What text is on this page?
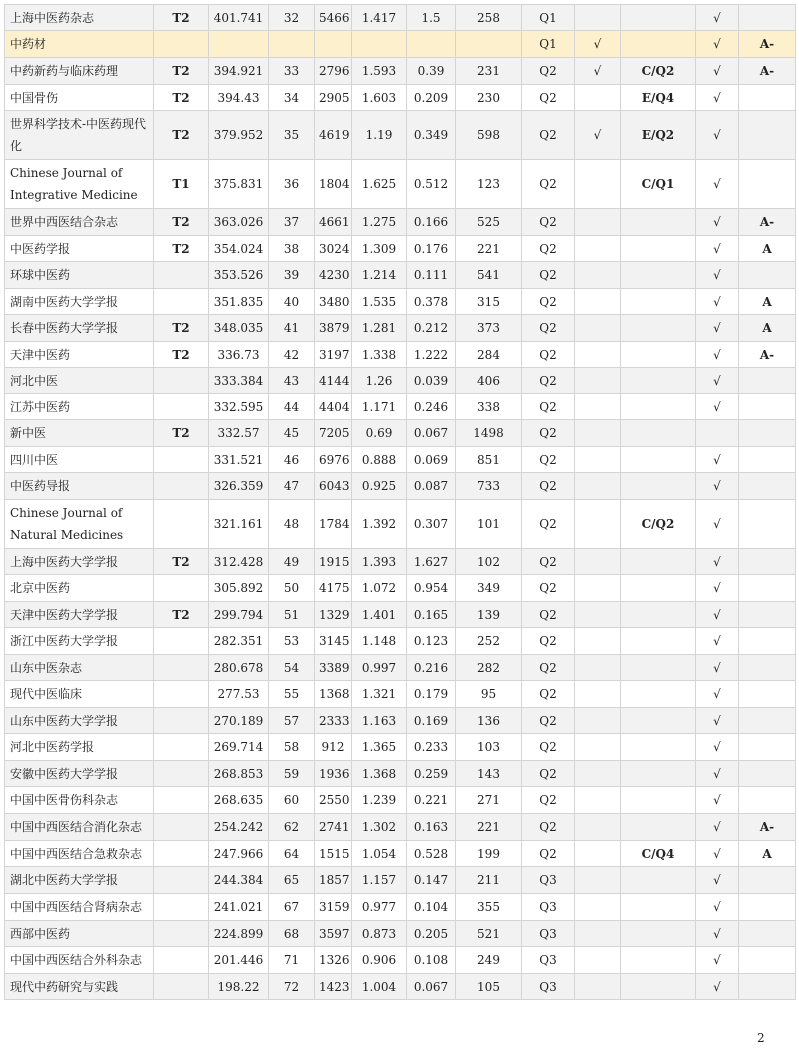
上海中医药杂志	T2	401.741	32	5466	1.417	1.5	258	Q1			√	
中药材								Q1	√		√	A-
中药新药与临床药理	T2	394.921	33	2796	1.593	0.39	231	Q2	√	C/Q2	√	A-
中国骨伤	T2	394.43	34	2905	1.603	0.209	230	Q2		E/Q4	√	
世界科学技术-中医药现代化	T2	379.952	35	4619	1.19	0.349	598	Q2	√	E/Q2	√	
Chinese Journal of Integrative Medicine	T1	375.831	36	1804	1.625	0.512	123	Q2		C/Q1	√	
世界中西医结合杂志	T2	363.026	37	4661	1.275	0.166	525	Q2			√	A-
中医药学报	T2	354.024	38	3024	1.309	0.176	221	Q2			√	A
环球中医药		353.526	39	4230	1.214	0.111	541	Q2			√	
湖南中医药大学学报		351.835	40	3480	1.535	0.378	315	Q2			√	A
长春中医药大学学报	T2	348.035	41	3879	1.281	0.212	373	Q2			√	A
天津中医药	T2	336.73	42	3197	1.338	1.222	284	Q2			√	A-
河北中医		333.384	43	4144	1.26	0.039	406	Q2			√	
江苏中医药		332.595	44	4404	1.171	0.246	338	Q2			√	
新中医	T2	332.57	45	7205	0.69	0.067	1498	Q2				
四川中医		331.521	46	6976	0.888	0.069	851	Q2			√	
中医药导报		326.359	47	6043	0.925	0.087	733	Q2			√	
Chinese Journal of Natural Medicines		321.161	48	1784	1.392	0.307	101	Q2		C/Q2	√	
上海中医药大学学报	T2	312.428	49	1915	1.393	1.627	102	Q2			√	
北京中医药		305.892	50	4175	1.072	0.954	349	Q2			√	
天津中医药大学学报	T2	299.794	51	1329	1.401	0.165	139	Q2			√	
浙江中医药大学学报		282.351	53	3145	1.148	0.123	252	Q2			√	
山东中医杂志		280.678	54	3389	0.997	0.216	282	Q2			√	
现代中医临床		277.53	55	1368	1.321	0.179	95	Q2			√	
山东中医药大学学报		270.189	57	2333	1.163	0.169	136	Q2			√	
河北中医药学报		269.714	58	912	1.365	0.233	103	Q2			√	
安徽中医药大学学报		268.853	59	1936	1.368	0.259	143	Q2			√	
中国中医骨伤科杂志		268.635	60	2550	1.239	0.221	271	Q2			√	
中国中西医结合消化杂志		254.242	62	2741	1.302	0.163	221	Q2			√	A-
中国中西医结合急救杂志		247.966	64	1515	1.054	0.528	199	Q2		C/Q4	√	A
湖北中医药大学学报		244.384	65	1857	1.157	0.147	211	Q3			√	
中国中西医结合肾病杂志		241.021	67	3159	0.977	0.104	355	Q3			√	
西部中医药		224.899	68	3597	0.873	0.205	521	Q3			√	
中国中西医结合外科杂志		201.446	71	1326	0.906	0.108	249	Q3			√	
现代中药研究与实践		198.22	72	1423	1.004	0.067	105	Q3			√	
2
